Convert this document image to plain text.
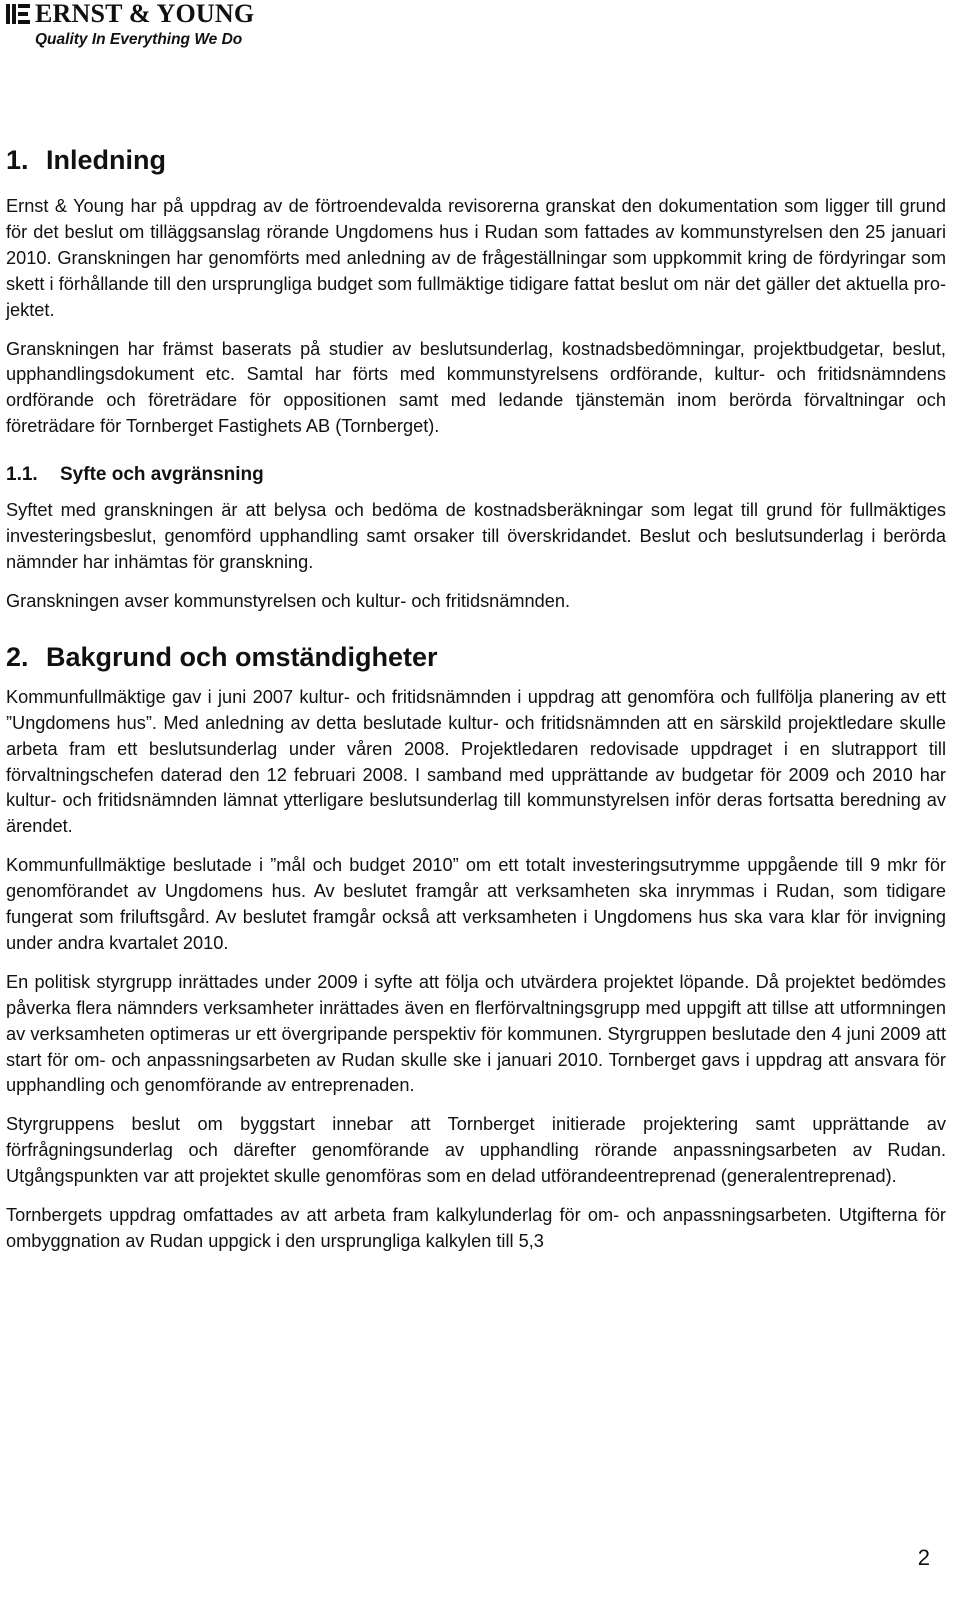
ERNST & YOUNG
Quality In Everything We Do
1. Inledning

Ernst & Young har på uppdrag av de förtroendevalda revisorerna granskat den dokumentation som ligger till grund för det beslut om tilläggsanslag rörande Ungdomens hus i Rudan som fattades av kommunstyrelsen den 25 januari 2010. Granskningen har genomförts med anledning av de frågeställningar som uppkommit kring de fördyringar som skett i förhållande till den ursprungliga budget som fullmäktige tidigare fattat beslut om när det gäller det aktuella projektet.

Granskningen har främst baserats på studier av beslutsunderlag, kostnadsbedömningar, projektbudgetar, beslut, upphandlingsdokument etc. Samtal har förts med kommunstyrelsens ordförande, kultur- och fritidsnämndens ordförande och företrädare för oppositionen samt med ledande tjänstemän inom berörda förvaltningar och företrädare för Tornberget Fastighets AB (Tornberget).

1.1. Syfte och avgränsning

Syftet med granskningen är att belysa och bedöma de kostnadsberäkningar som legat till grund för fullmäktiges investeringsbeslut, genomförd upphandling samt orsaker till överskridandet. Beslut och beslutsunderlag i berörda nämnder har inhämtas för granskning.

Granskningen avser kommunstyrelsen och kultur- och fritidsnämnden.

2. Bakgrund och omständigheter

Kommunfullmäktige gav i juni 2007 kultur- och fritidsnämnden i uppdrag att genomföra och fullfölja planering av ett ”Ungdomens hus”. Med anledning av detta beslutade kultur- och fritidsnämnden att en särskild projektledare skulle arbeta fram ett beslutsunderlag under våren 2008. Projektledaren redovisade uppdraget i en slutrapport till förvaltningschefen daterad den 12 februari 2008. I samband med upprättande av budgetar för 2009 och 2010 har kultur- och fritidsnämnden lämnat ytterligare beslutsunderlag till kommunstyrelsen inför deras fortsatta beredning av ärendet.

Kommunfullmäktige beslutade i ”mål och budget 2010” om ett totalt investeringsutrymme uppgående till 9 mkr för genomförandet av Ungdomens hus. Av beslutet framgår att verksamheten ska inrymmas i Rudan, som tidigare fungerat som friluftsgård. Av beslutet framgår också att verksamheten i Ungdomens hus ska vara klar för invigning under andra kvartalet 2010.

En politisk styrgrupp inrättades under 2009 i syfte att följa och utvärdera projektet löpande. Då projektet bedömdes påverka flera nämnders verksamheter inrättades även en flerförvaltningsgrupp med uppgift att tillse att utformningen av verksamheten optimeras ur ett övergripande perspektiv för kommunen. Styrgruppen beslutade den 4 juni 2009 att start för om- och anpassningsarbeten av Rudan skulle ske i januari 2010. Tornberget gavs i uppdrag att ansvara för upphandling och genomförande av entreprenaden.

Styrgruppens beslut om byggstart innebar att Tornberget initierade projektering samt upprättande av förfrågningsunderlag och därefter genomförande av upphandling rörande anpassningsarbeten av Rudan. Utgångspunkten var att projektet skulle genomföras som en delad utförandeentreprenad (generalentreprenad).

Tornbergets uppdrag omfattades av att arbeta fram kalkylunderlag för om- och anpassningsarbeten. Utgifterna för ombyggnation av Rudan uppgick i den ursprungliga kalkylen till 5,3

2
